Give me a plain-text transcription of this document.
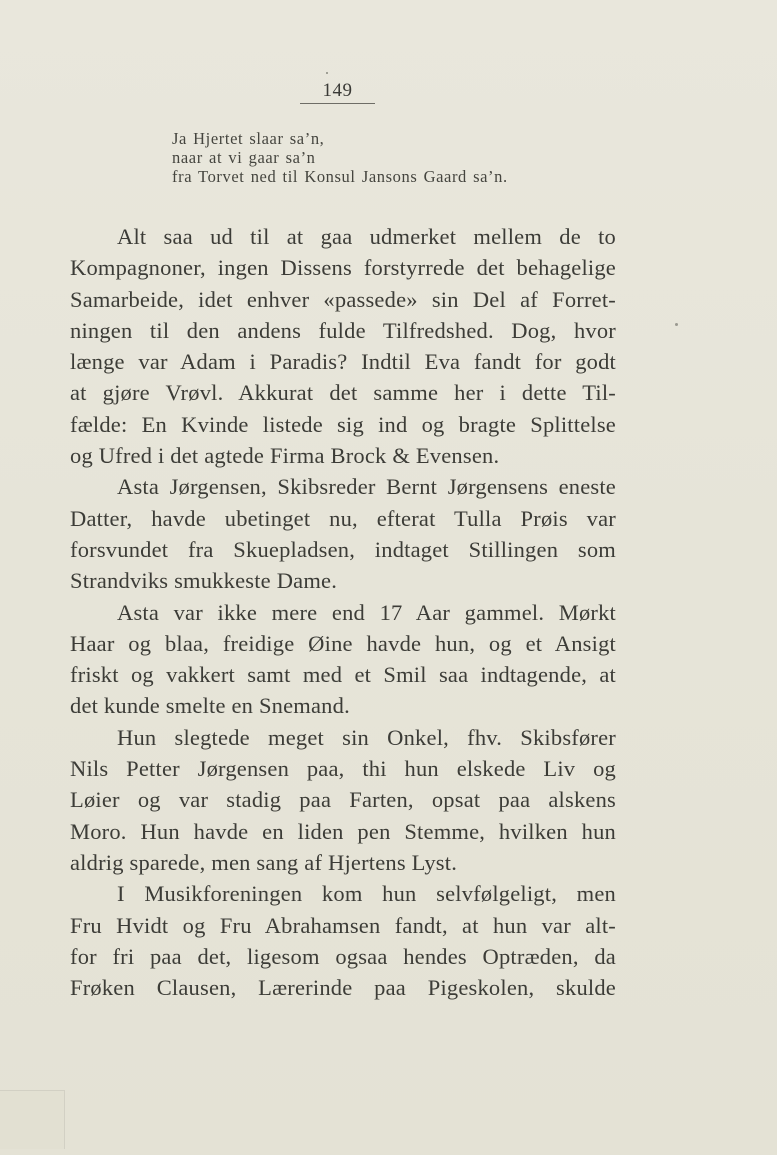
149
Ja Hjertet slaar sa’n,
naar at vi gaar sa’n
fra Torvet ned til Konsul Jansons Gaard sa’n.
Alt saa ud til at gaa udmerket mellem de to
Kompagnoner, ingen Dissens forstyrrede det behagelige
Samarbeide, idet enhver «passede» sin Del af Forret-
ningen til den andens fulde Tilfredshed. Dog, hvor
længe var Adam i Paradis? Indtil Eva fandt for godt
at gjøre Vrøvl. Akkurat det samme her i dette Til-
fælde: En Kvinde listede sig ind og bragte Splittelse
og Ufred i det agtede Firma Brock & Evensen.
Asta Jørgensen, Skibsreder Bernt Jørgensens eneste
Datter, havde ubetinget nu, efterat Tulla Prøis var
forsvundet fra Skuepladsen, indtaget Stillingen som
Strandviks smukkeste Dame.
Asta var ikke mere end 17 Aar gammel. Mørkt
Haar og blaa, freidige Øine havde hun, og et Ansigt
friskt og vakkert samt med et Smil saa indtagende, at
det kunde smelte en Snemand.
Hun slegtede meget sin Onkel, fhv. Skibsfører
Nils Petter Jørgensen paa, thi hun elskede Liv og
Løier og var stadig paa Farten, opsat paa alskens
Moro. Hun havde en liden pen Stemme, hvilken hun
aldrig sparede, men sang af Hjertens Lyst.
I Musikforeningen kom hun selvfølgeligt, men
Fru Hvidt og Fru Abrahamsen fandt, at hun var alt-
for fri paa det, ligesom ogsaa hendes Optræden, da
Frøken Clausen, Lærerinde paa Pigeskolen, skulde
